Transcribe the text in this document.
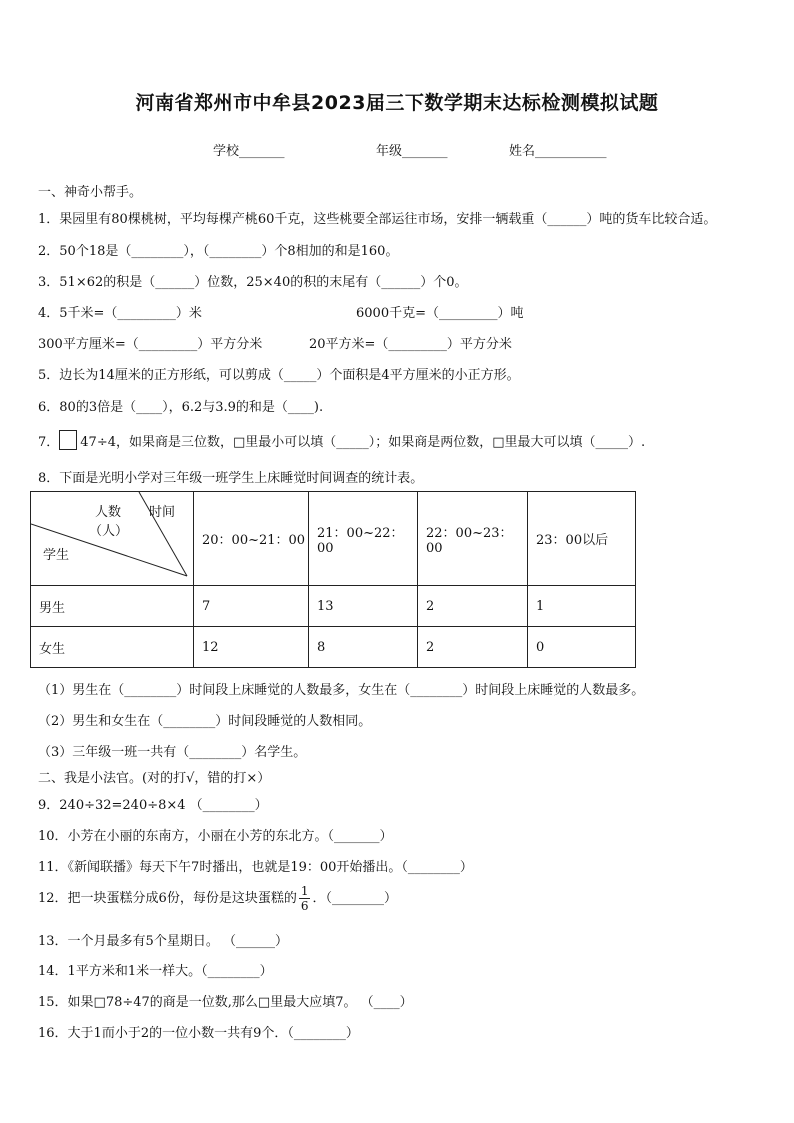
河南省郑州市中牟县2023届三下数学期末达标检测模拟试题
学校_______	年级_______	姓名___________
一、神奇小帮手。
1．果园里有80棵桃树，平均每棵产桃60千克，这些桃要全部运往市场，安排一辆载重（______）吨的货车比较合适。
2．50个18是（________），（________）个8相加的和是160。
3．51×62的积是（______）位数，25×40的积的末尾有（______）个0。
4．5千米=（_________）米	6000千克=（_________）吨
300平方厘米=（_________）平方分米	20平方米=（_________）平方分米
5．边长为14厘米的正方形纸，可以剪成（_____）个面积是4平方厘米的小正方形。
6．80的3倍是（____），6.2与3.9的和是（____).
7． 47÷4，如果商是三位数，□里最小可以填（_____）；如果商是两位数，□里最大可以填（_____）.
8．下面是光明小学对三年级一班学生上床睡觉时间调查的统计表。
人数
（人）
时间
学生	20：00~21：00	21：00~22：00	22：00~23：00	23：00以后
男生	7	13	2	1
女生	12	8	2	0
（1）男生在（________）时间段上床睡觉的人数最多，女生在（________）时间段上床睡觉的人数最多。
（2）男生和女生在（________）时间段睡觉的人数相同。
（3）三年级一班一共有（________）名学生。
二、我是小法官。(对的打√，错的打×）
9．240÷32=240÷8×4 （________）
10．小芳在小丽的东南方，小丽在小芳的东北方。（_______）
11．《新闻联播》每天下午7时播出，也就是19：00开始播出。（________）
12．把一块蛋糕分成6份，每份是这块蛋糕的 $\frac{1}{6}$ ．（________）
13．一个月最多有5个星期日。 （______）
14．1平方米和1米一样大。（________）
15．如果□78÷47的商是一位数,那么□里最大应填7。 （____）
16．大于1而小于2的一位小数一共有9个．（________）
